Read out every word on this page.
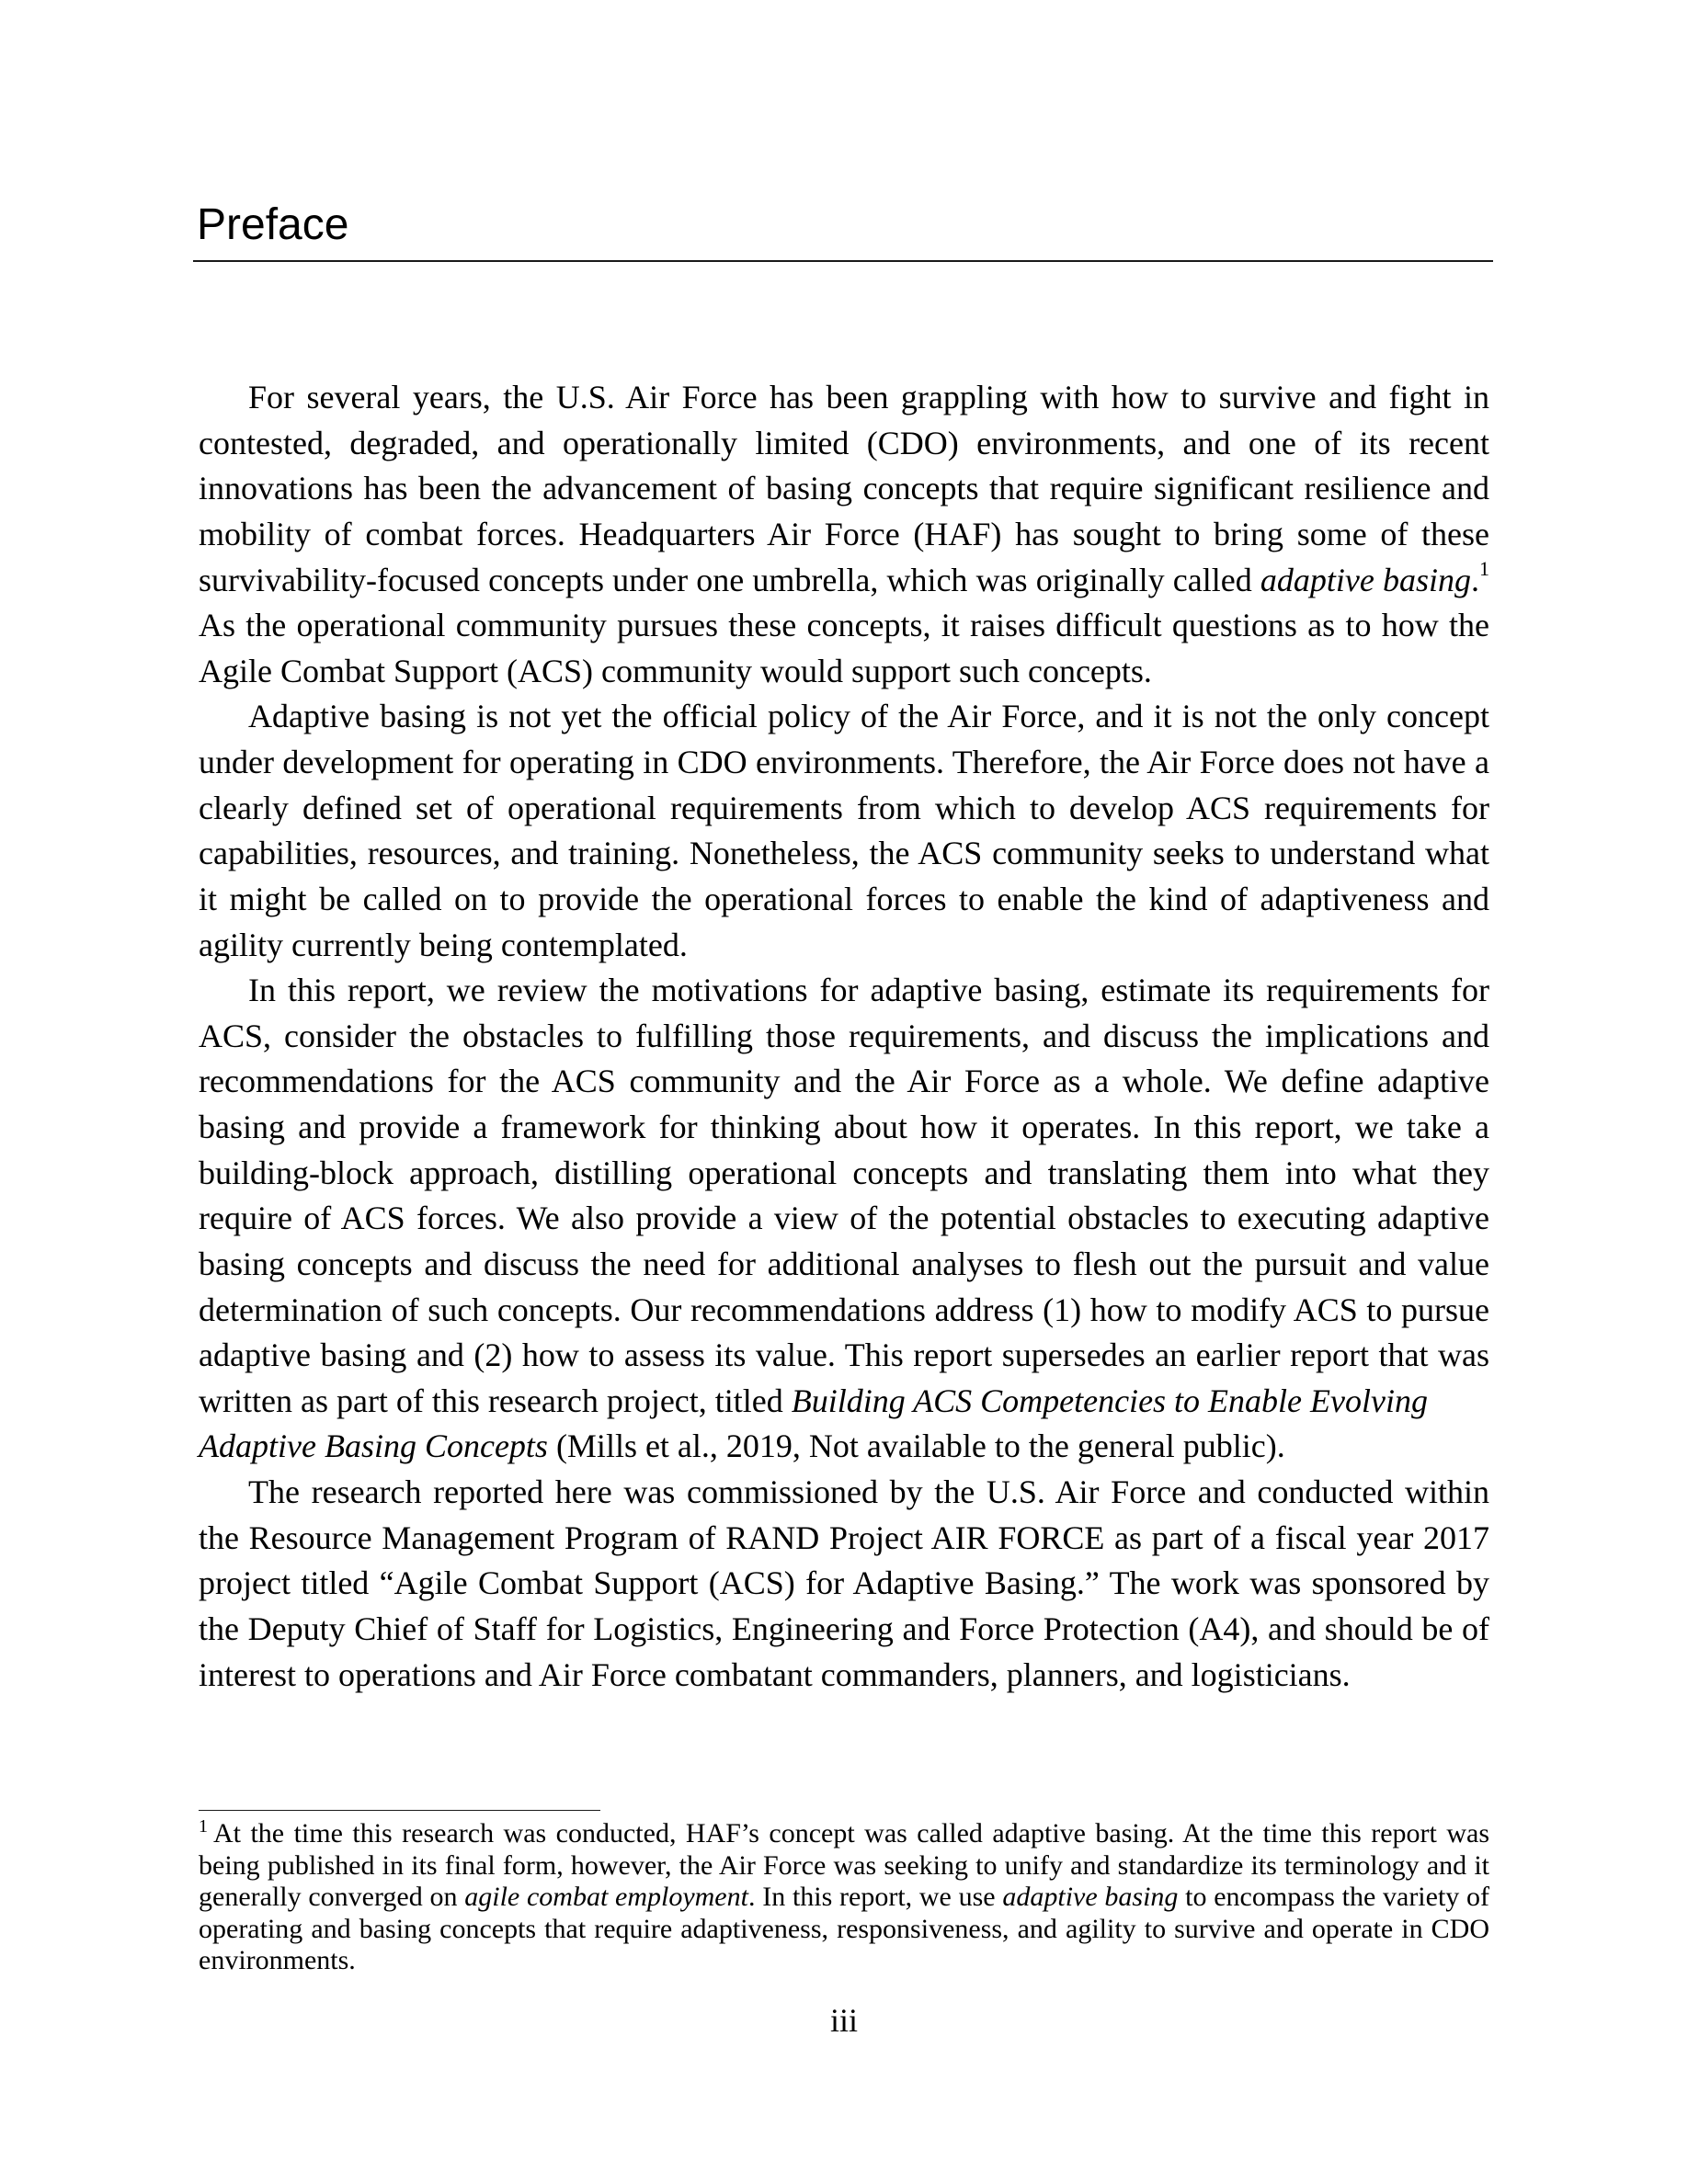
Preface
For several years, the U.S. Air Force has been grappling with how to survive and fight in
contested, degraded, and operationally limited (CDO) environments, and one of its recent
innovations has been the advancement of basing concepts that require significant resilience and
mobility of combat forces. Headquarters Air Force (HAF) has sought to bring some of these
survivability-focused concepts under one umbrella, which was originally called adaptive basing.$^1$
As the operational community pursues these concepts, it raises difficult questions as to how the
Agile Combat Support (ACS) community would support such concepts.
Adaptive basing is not yet the official policy of the Air Force, and it is not the only concept
under development for operating in CDO environments. Therefore, the Air Force does not have a
clearly defined set of operational requirements from which to develop ACS requirements for
capabilities, resources, and training. Nonetheless, the ACS community seeks to understand what
it might be called on to provide the operational forces to enable the kind of adaptiveness and
agility currently being contemplated.
In this report, we review the motivations for adaptive basing, estimate its requirements for
ACS, consider the obstacles to fulfilling those requirements, and discuss the implications and
recommendations for the ACS community and the Air Force as a whole. We define adaptive
basing and provide a framework for thinking about how it operates. In this report, we take a
building-block approach, distilling operational concepts and translating them into what they
require of ACS forces. We also provide a view of the potential obstacles to executing adaptive
basing concepts and discuss the need for additional analyses to flesh out the pursuit and value
determination of such concepts. Our recommendations address (1) how to modify ACS to pursue
adaptive basing and (2) how to assess its value. This report supersedes an earlier report that was
written as part of this research project, titled Building ACS Competencies to Enable Evolving
Adaptive Basing Concepts (Mills et al., 2019, Not available to the general public).
The research reported here was commissioned by the U.S. Air Force and conducted within
the Resource Management Program of RAND Project AIR FORCE as part of a fiscal year 2017
project titled “Agile Combat Support (ACS) for Adaptive Basing.” The work was sponsored by
the Deputy Chief of Staff for Logistics, Engineering and Force Protection (A4), and should be of
interest to operations and Air Force combatant commanders, planners, and logisticians.
$^1$ At the time this research was conducted, HAF’s concept was called adaptive basing. At the time this report was
being published in its final form, however, the Air Force was seeking to unify and standardize its terminology and it
generally converged on agile combat employment. In this report, we use adaptive basing to encompass the variety of
operating and basing concepts that require adaptiveness, responsiveness, and agility to survive and operate in CDO
environments.
iii
